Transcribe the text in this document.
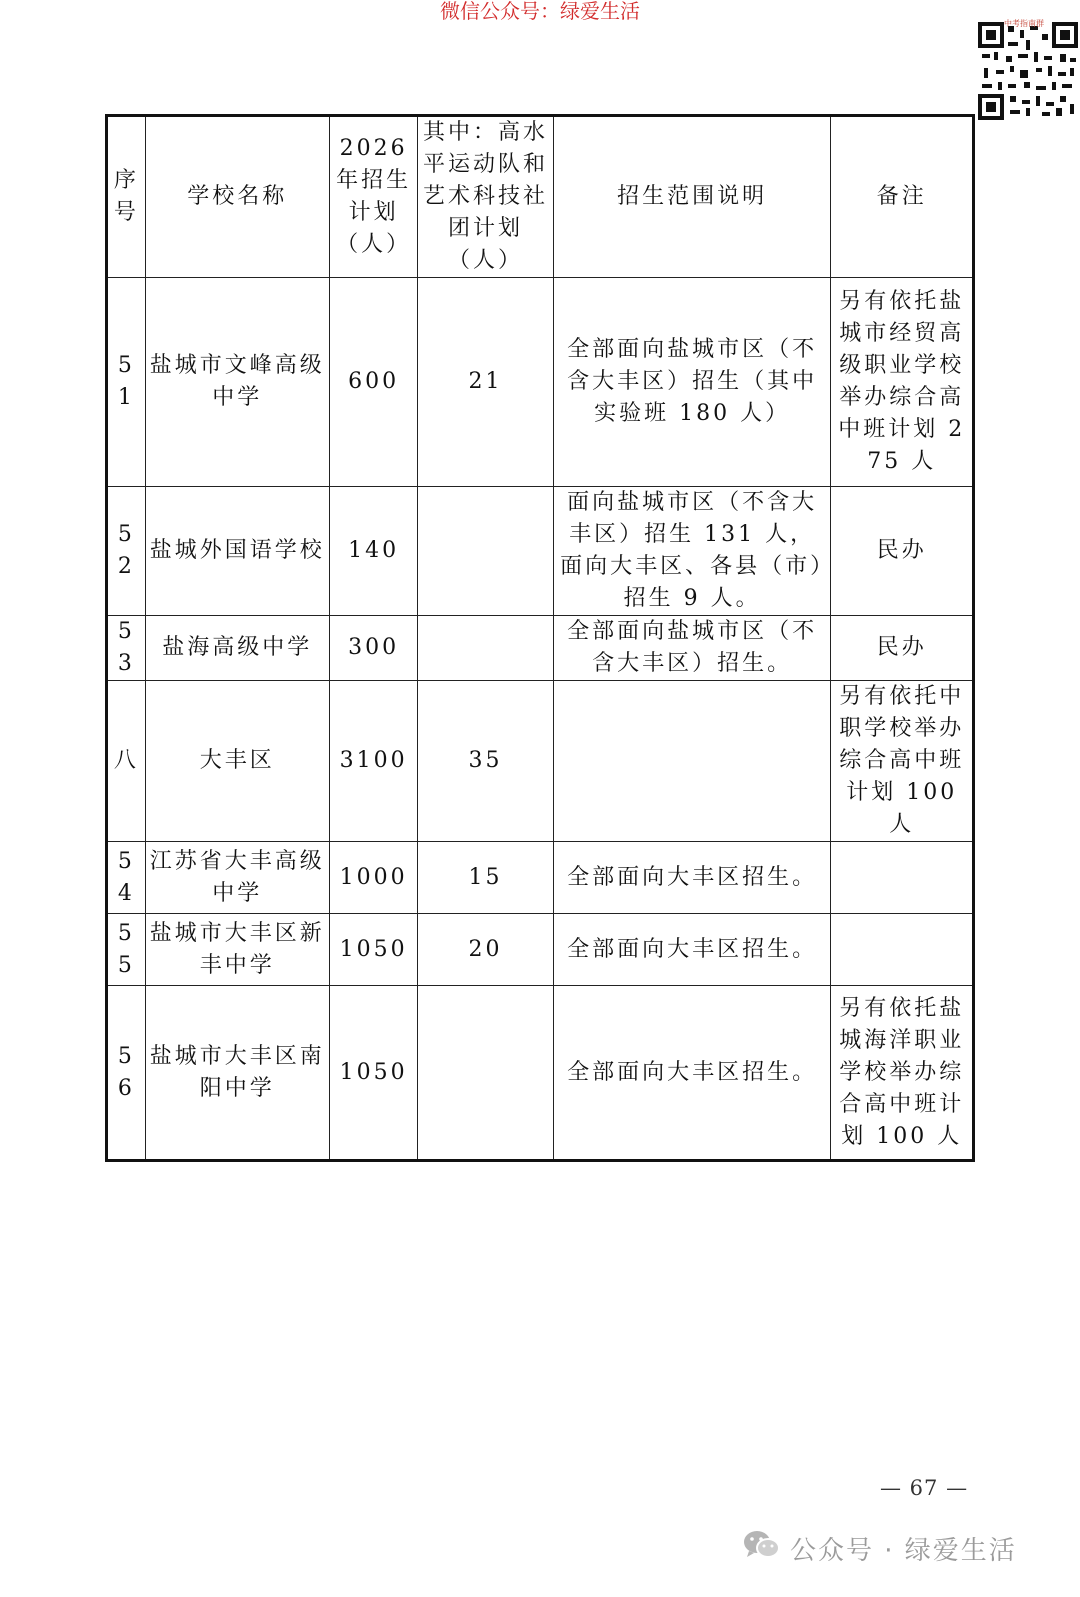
微信公众号：绿爱生活
中考指南群
序号	学校名称	2026 年招生计划（人）	其中：高水平运动队和艺术科技社团计划（人）	招生范围说明	备注
51	盐城市文峰高级中学	600	21	全部面向盐城市区（不含大丰区）招生（其中实验班 180 人）	另有依托盐城市经贸高级职业学校举办综合高中班计划 275 人
52	盐城外国语学校	140		面向盐城市区（不含大丰区）招生 131 人，面向大丰区、各县（市）招生 9 人。	民办
53	盐海高级中学	300		全部面向盐城市区（不含大丰区）招生。	民办
八	大丰区	3100	35		另有依托中职学校举办综合高中班计划 100 人
54	江苏省大丰高级中学	1000	15	全部面向大丰区招生。	
55	盐城市大丰区新丰中学	1050	20	全部面向大丰区招生。	
56	盐城市大丰区南阳中学	1050		全部面向大丰区招生。	另有依托盐城海洋职业学校举办综合高中班计划 100 人
— 67 —
公众号 · 绿爱生活
